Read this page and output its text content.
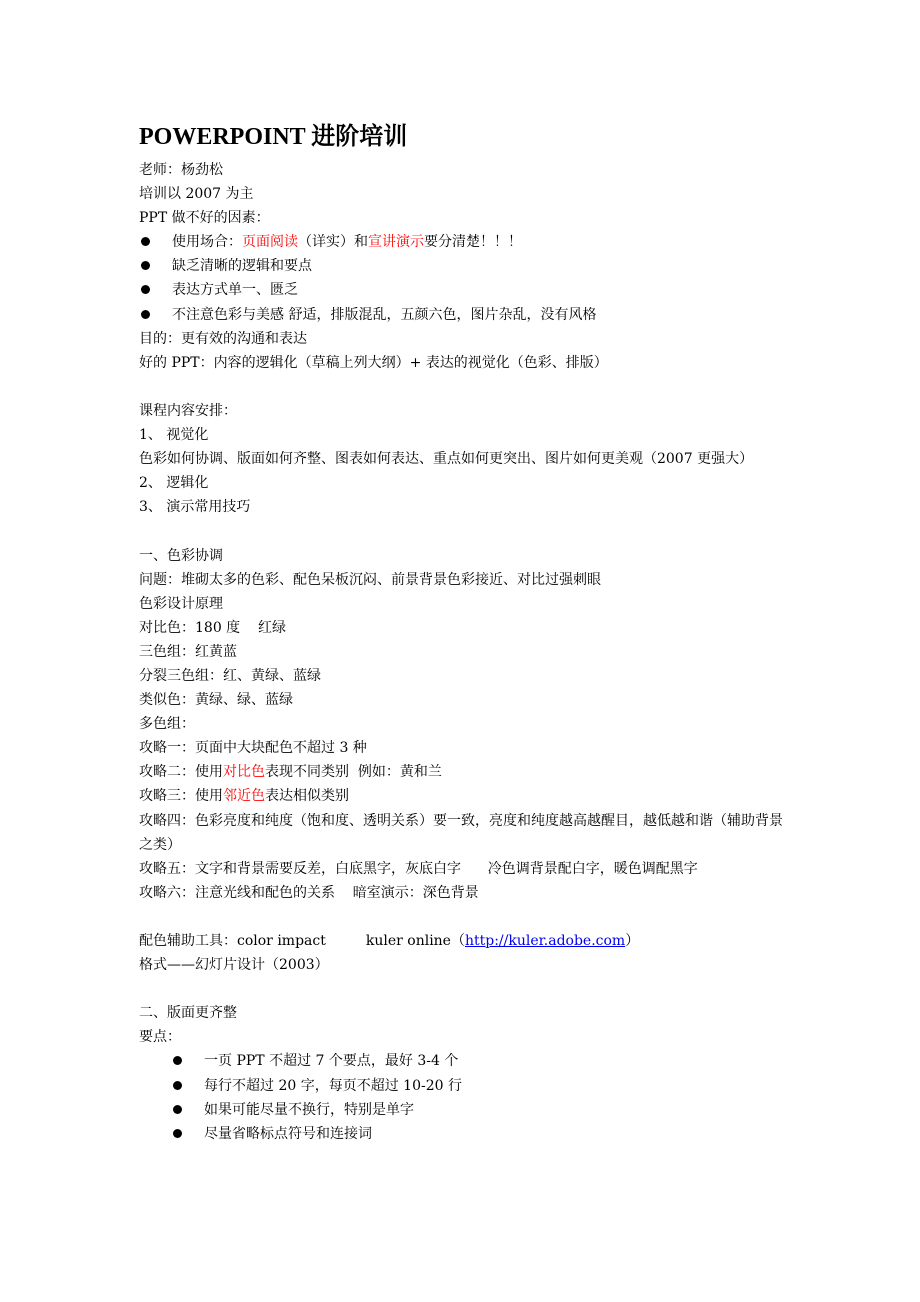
POWERPOINT 进阶培训
老师：杨劲松
培训以 2007 为主
PPT 做不好的因素：
使用场合：页面阅读（详实）和宣讲演示要分清楚！！！
缺乏清晰的逻辑和要点
表达方式单一、匮乏
不注意色彩与美感 舒适，排版混乱，五颜六色，图片杂乱，没有风格
目的：更有效的沟通和表达
好的 PPT：内容的逻辑化（草稿上列大纲）+ 表达的视觉化（色彩、排版）
课程内容安排：
1、 视觉化
色彩如何协调、版面如何齐整、图表如何表达、重点如何更突出、图片如何更美观（2007 更强大）
2、 逻辑化
3、 演示常用技巧
一、色彩协调
问题：堆砌太多的色彩、配色呆板沉闷、前景背景色彩接近、对比过强刺眼
色彩设计原理
对比色：180 度    红绿
三色组：红黄蓝
分裂三色组：红、黄绿、蓝绿
类似色：黄绿、绿、蓝绿
多色组：
攻略一：页面中大块配色不超过 3 种
攻略二：使用对比色表现不同类别  例如：黄和兰
攻略三：使用邻近色表达相似类别
攻略四：色彩亮度和纯度（饱和度、透明关系）要一致，亮度和纯度越高越醒目，越低越和谐（辅助背景之类）
攻略五：文字和背景需要反差，白底黑字，灰底白字      冷色调背景配白字，暖色调配黑字
攻略六：注意光线和配色的关系    暗室演示：深色背景
配色辅助工具：color impact	kuler online（http://kuler.adobe.com）
格式——幻灯片设计（2003）
二、版面更齐整
要点：
一页 PPT 不超过 7 个要点，最好 3-4 个
每行不超过 20 字，每页不超过 10-20 行
如果可能尽量不换行，特别是单字
尽量省略标点符号和连接词
